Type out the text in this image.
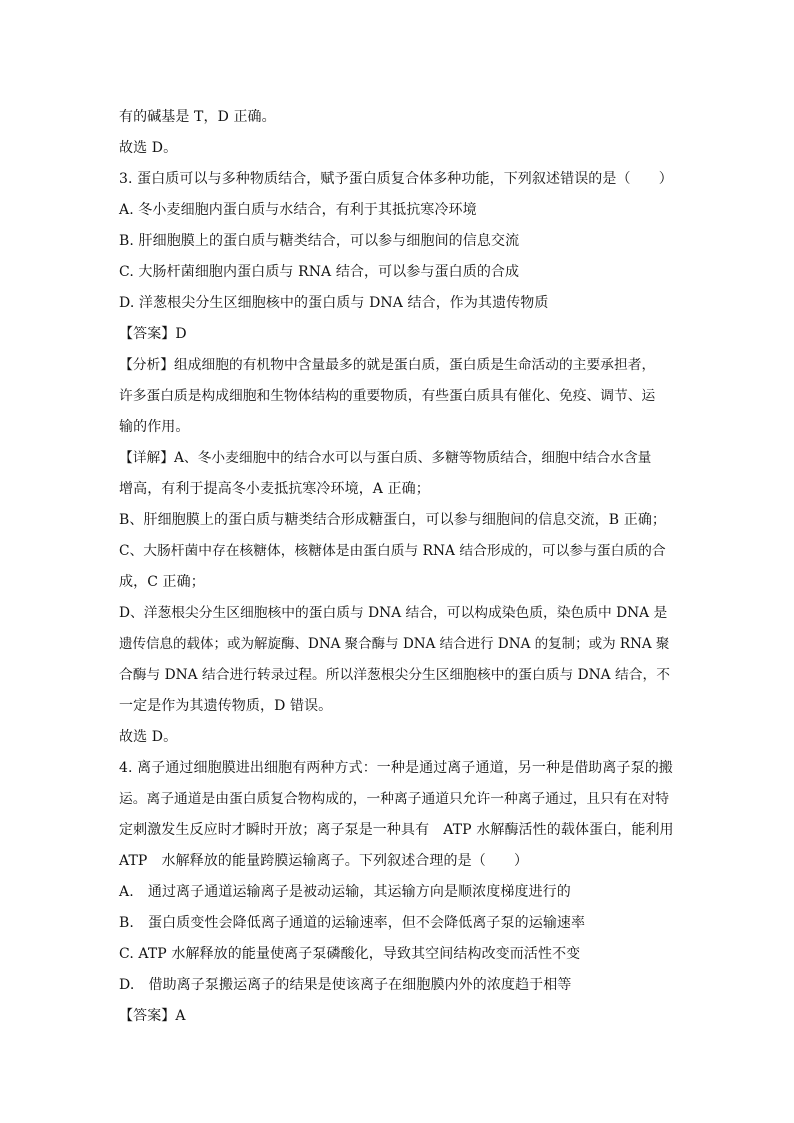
有的碱基是 T，D 正确。
故选 D。
3. 蛋白质可以与多种物质结合，赋予蛋白质复合体多种功能，下列叙述错误的是（　　）
A. 冬小麦细胞内蛋白质与水结合，有利于其抵抗寒冷环境
B. 肝细胞膜上的蛋白质与糖类结合，可以参与细胞间的信息交流
C. 大肠杆菌细胞内蛋白质与 RNA 结合，可以参与蛋白质的合成
D. 洋葱根尖分生区细胞核中的蛋白质与 DNA 结合，作为其遗传物质
【答案】D
【分析】组成细胞的有机物中含量最多的就是蛋白质，蛋白质是生命活动的主要承担者，
许多蛋白质是构成细胞和生物体结构的重要物质，有些蛋白质具有催化、免疫、调节、运
输的作用。
【详解】A、冬小麦细胞中的结合水可以与蛋白质、多糖等物质结合，细胞中结合水含量
增高，有利于提高冬小麦抵抗寒冷环境，A 正确；
B、肝细胞膜上的蛋白质与糖类结合形成糖蛋白，可以参与细胞间的信息交流，B 正确；
C、大肠杆菌中存在核糖体，核糖体是由蛋白质与 RNA 结合形成的，可以参与蛋白质的合
成，C 正确；
D、洋葱根尖分生区细胞核中的蛋白质与 DNA 结合，可以构成染色质，染色质中 DNA 是
遗传信息的载体；或为解旋酶、DNA 聚合酶与 DNA 结合进行 DNA 的复制；或为 RNA 聚
合酶与 DNA 结合进行转录过程。所以洋葱根尖分生区细胞核中的蛋白质与 DNA 结合，不
一定是作为其遗传物质，D 错误。
故选 D。
4. 离子通过细胞膜进出细胞有两种方式：一种是通过离子通道，另一种是借助离子泵的搬
运。离子通道是由蛋白质复合物构成的，一种离子通道只允许一种离子通过，且只有在对特
定刺激发生反应时才瞬时开放；离子泵是一种具有　ATP 水解酶活性的载体蛋白，能利用
ATP　水解释放的能量跨膜运输离子。下列叙述合理的是（　　）
A.　通过离子通道运输离子是被动运输，其运输方向是顺浓度梯度进行的
B.　蛋白质变性会降低离子通道的运输速率，但不会降低离子泵的运输速率
C. ATP 水解释放的能量使离子泵磷酸化，导致其空间结构改变而活性不变
D.　借助离子泵搬运离子的结果是使该离子在细胞膜内外的浓度趋于相等
【答案】A
